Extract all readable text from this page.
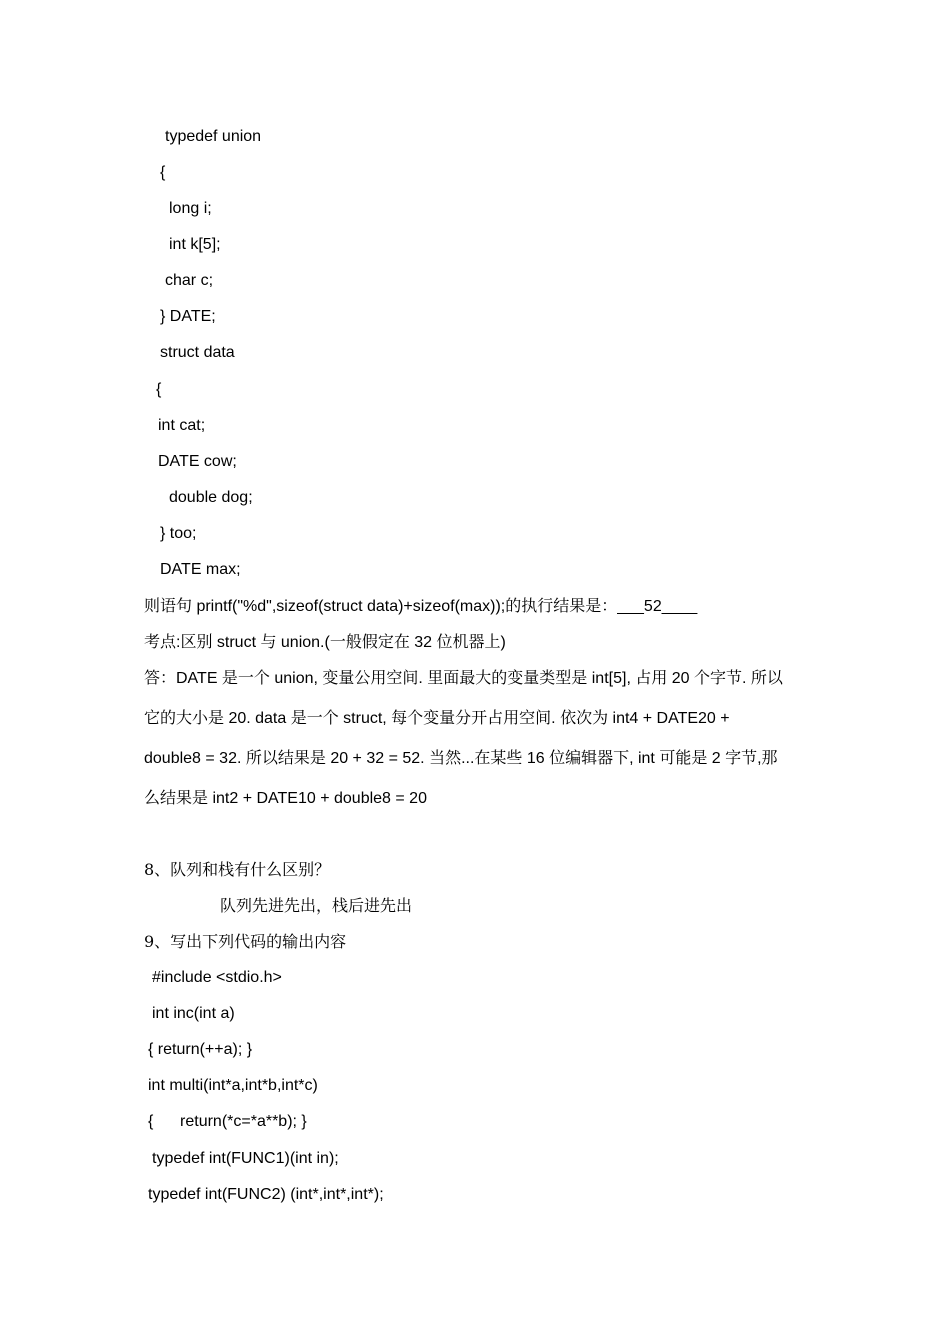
typedef union
{
long i;
int k[5];
char c;
} DATE;
struct data
{
int cat;
DATE cow;
double dog;
} too;
DATE max;
则语句 printf("%d",sizeof(struct data)+sizeof(max));的执行结果是：___52____
考点:区别 struct 与 union.(一般假定在 32 位机器上)
答：DATE 是一个 union, 变量公用空间. 里面最大的变量类型是 int[5], 占用 20 个字节. 所以
它的大小是 20. data 是一个 struct, 每个变量分开占用空间. 依次为 int4 + DATE20 +
double8 = 32. 所以结果是 20 + 32 = 52. 当然...在某些 16 位编辑器下, int 可能是 2 字节,那
么结果是 int2 + DATE10 + double8 = 20
8、队列和栈有什么区别？
队列先进先出，栈后进先出
9、写出下列代码的输出内容
#include <stdio.h>
int inc(int a)
{ return(++a); }
int multi(int*a,int*b,int*c)
{      return(*c=*a**b); }
typedef int(FUNC1)(int in);
typedef int(FUNC2) (int*,int*,int*);
